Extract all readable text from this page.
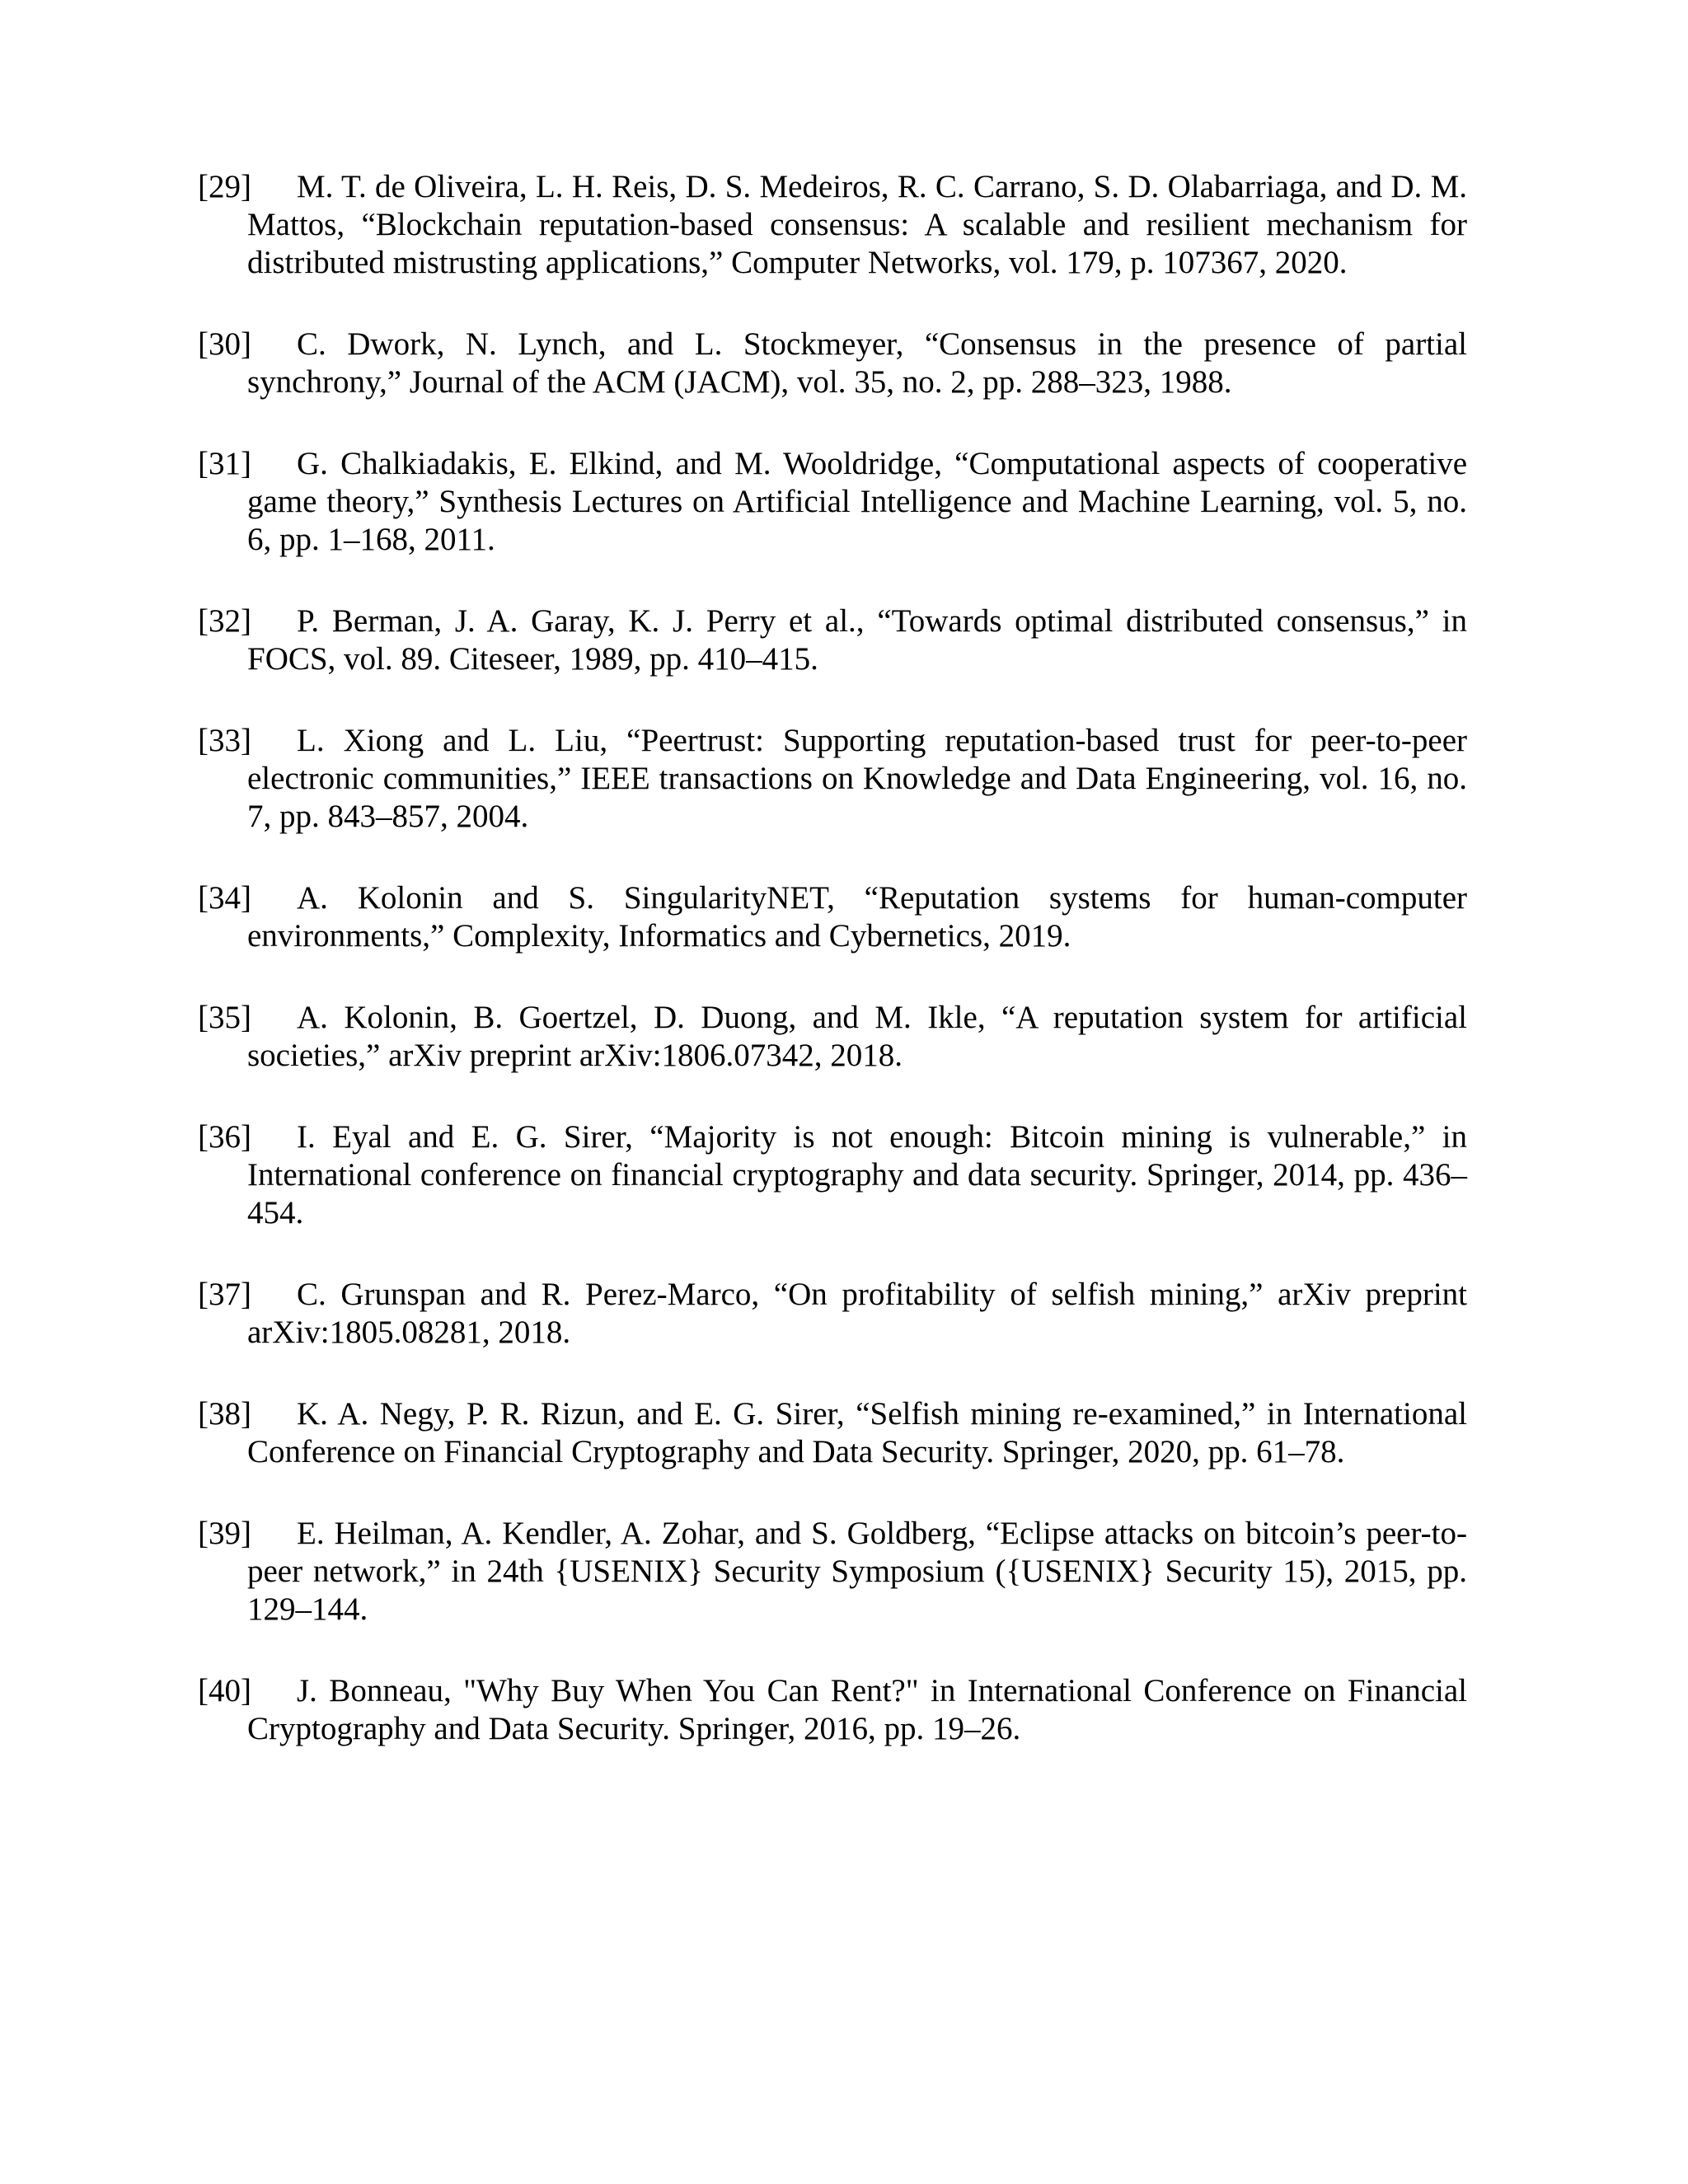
[29] M. T. de Oliveira, L. H. Reis, D. S. Medeiros, R. C. Carrano, S. D. Olabarriaga, and D. M. Mattos, “Blockchain reputation-based consensus: A scalable and resilient mechanism for distributed mistrusting applications,” Computer Networks, vol. 179, p. 107367, 2020.
[30] C. Dwork, N. Lynch, and L. Stockmeyer, “Consensus in the presence of partial synchrony,” Journal of the ACM (JACM), vol. 35, no. 2, pp. 288–323, 1988.
[31] G. Chalkiadakis, E. Elkind, and M. Wooldridge, “Computational aspects of cooperative game theory,” Synthesis Lectures on Artificial Intelligence and Machine Learning, vol. 5, no. 6, pp. 1–168, 2011.
[32] P. Berman, J. A. Garay, K. J. Perry et al., “Towards optimal distributed consensus,” in FOCS, vol. 89. Citeseer, 1989, pp. 410–415.
[33] L. Xiong and L. Liu, “Peertrust: Supporting reputation-based trust for peer-to-peer electronic communities,” IEEE transactions on Knowledge and Data Engineering, vol. 16, no. 7, pp. 843–857, 2004.
[34] A. Kolonin and S. SingularityNET, “Reputation systems for human-computer environments,” Complexity, Informatics and Cybernetics, 2019.
[35] A. Kolonin, B. Goertzel, D. Duong, and M. Ikle, “A reputation system for artificial societies,” arXiv preprint arXiv:1806.07342, 2018.
[36] I. Eyal and E. G. Sirer, “Majority is not enough: Bitcoin mining is vulnerable,” in International conference on financial cryptography and data security. Springer, 2014, pp. 436–454.
[37] C. Grunspan and R. Perez-Marco, “On profitability of selfish mining,” arXiv preprint arXiv:1805.08281, 2018.
[38] K. A. Negy, P. R. Rizun, and E. G. Sirer, “Selfish mining re-examined,” in International Conference on Financial Cryptography and Data Security. Springer, 2020, pp. 61–78.
[39] E. Heilman, A. Kendler, A. Zohar, and S. Goldberg, “Eclipse attacks on bitcoin’s peer-to-peer network,” in 24th {USENIX} Security Symposium ({USENIX} Security 15), 2015, pp. 129–144.
[40] J. Bonneau, "Why Buy When You Can Rent?" in International Conference on Financial Cryptography and Data Security. Springer, 2016, pp. 19–26.
